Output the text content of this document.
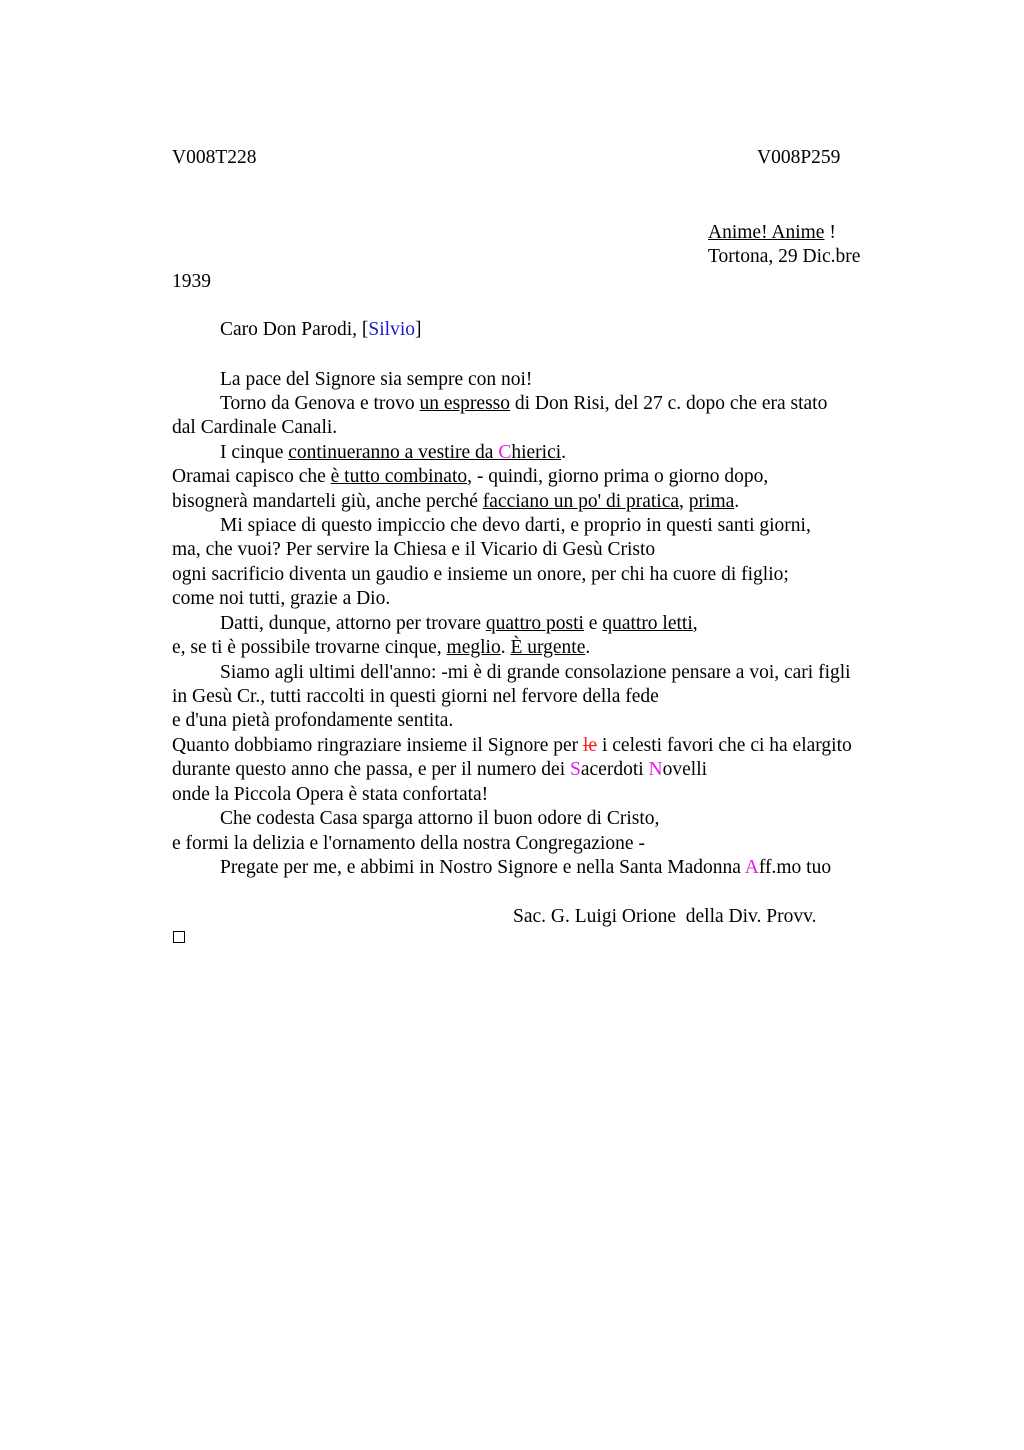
V008T228	V008P259
Anime! Anime !
Tortona, 29 Dic.bre
1939
Caro Don Parodi, [Silvio]
La pace del Signore sia sempre con noi!
Torno da Genova e trovo un espresso di Don Risi, del 27 c. dopo che era stato
dal Cardinale Canali.
I cinque continueranno a vestire da Chierici.
Oramai capisco che è tutto combinato, - quindi, giorno prima o giorno dopo,
bisognerà mandarteli giù, anche perché facciano un po' di pratica, prima.
Mi spiace di questo impiccio che devo darti, e proprio in questi santi giorni,
ma, che vuoi? Per servire la Chiesa e il Vicario di Gesù Cristo
ogni sacrificio diventa un gaudio e insieme un onore, per chi ha cuore di figlio;
come noi tutti, grazie a Dio.
Datti, dunque, attorno per trovare quattro posti e quattro letti,
e, se ti è possibile trovarne cinque, meglio. È urgente.
Siamo agli ultimi dell'anno: -mi è di grande consolazione pensare a voi, cari figli
in Gesù Cr., tutti raccolti in questi giorni nel fervore della fede
e d'una pietà profondamente sentita.
Quanto dobbiamo ringraziare insieme il Signore per le i celesti favori che ci ha elargito
durante questo anno che passa, e per il numero dei Sacerdoti Novelli
onde la Piccola Opera è stata confortata!
Che codesta Casa sparga attorno il buon odore di Cristo,
e formi la delizia e l'ornamento della nostra Congregazione -
Pregate per me, e abbimi in Nostro Signore e nella Santa Madonna Aff.mo tuo
Sac. G. Luigi Orione  della Div. Provv.
